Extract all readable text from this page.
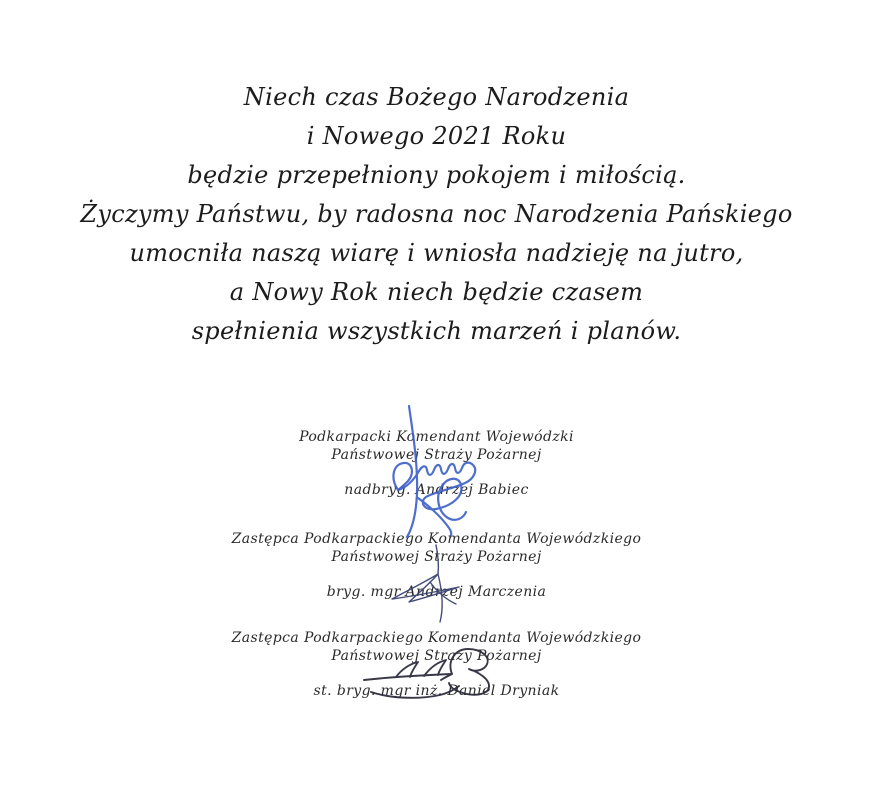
Niech czas Bożego Narodzenia
i Nowego 2021 Roku
będzie przepełniony pokojem i miłością.
Życzymy Państwu, by radosna noc Narodzenia Pańskiego
umocniła naszą wiarę i wniosła nadzieję na jutro,
a Nowy Rok niech będzie czasem
spełnienia wszystkich marzeń i planów.
Podkarpacki Komendant Wojewódzki
Państwowej Straży Pożarnej
nadbryg. Andrzej Babiec
Zastępca Podkarpackiego Komendanta Wojewódzkiego
Państwowej Straży Pożarnej
bryg. mgr Andrzej Marczenia
Zastępca Podkarpackiego Komendanta Wojewódzkiego
Państwowej Straży Pożarnej
st. bryg. mgr inż. Daniel Dryniak
